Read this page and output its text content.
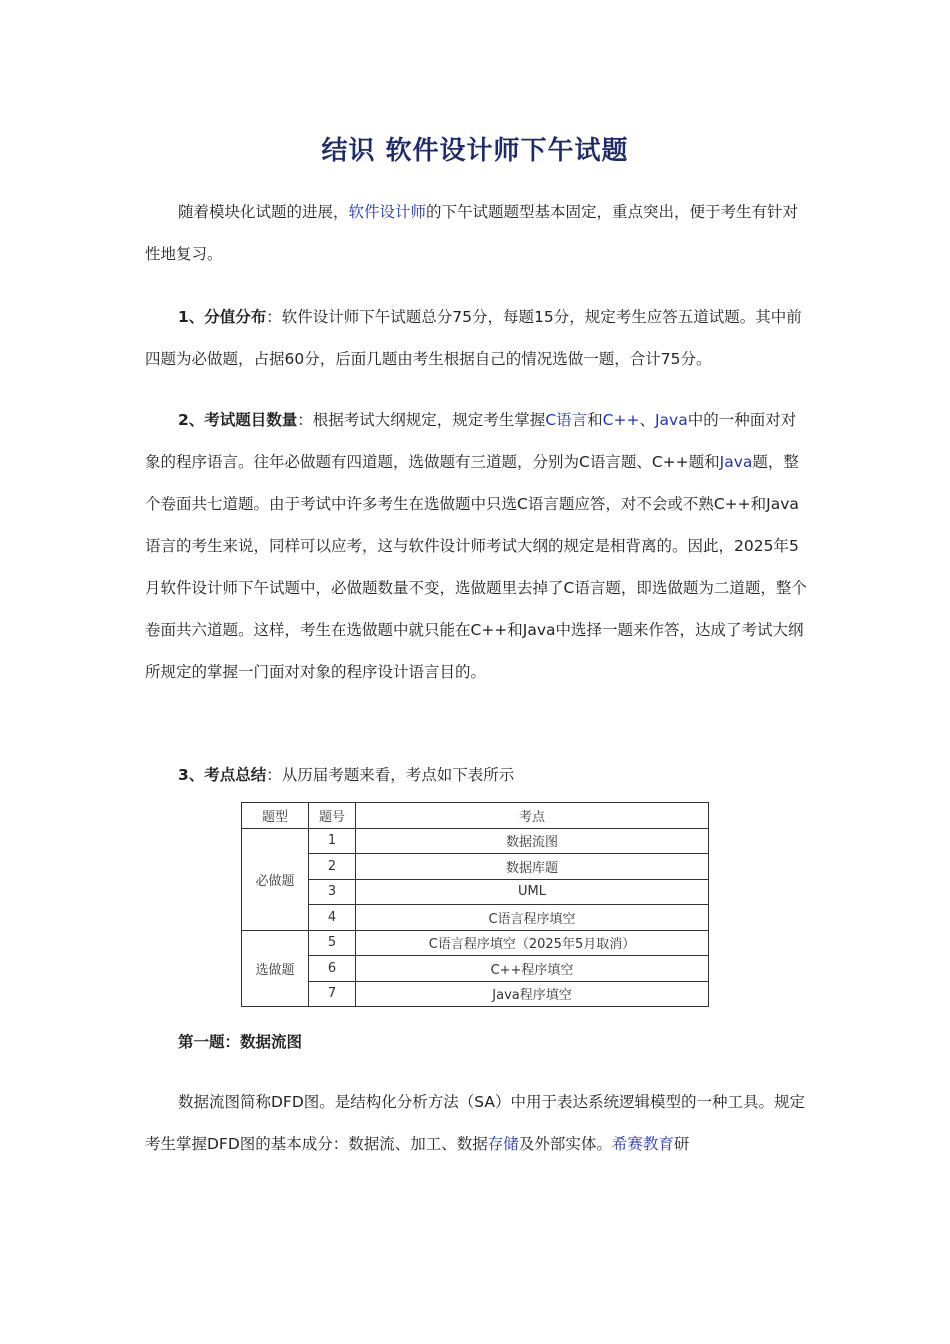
结识 软件设计师下午试题

随着模块化试题的进展，软件设计师的下午试题题型基本固定，重点突出，便于考生有针对性地复习。

1、分值分布：软件设计师下午试题总分75分，每题15分，规定考生应答五道试题。其中前四题为必做题，占据60分，后面几题由考生根据自己的情况选做一题，合计75分。

2、考试题目数量：根据考试大纲规定，规定考生掌握C语言和C++、Java中的一种面对对象的程序语言。往年必做题有四道题，选做题有三道题，分别为C语言题、C++题和Java题，整个卷面共七道题。由于考试中许多考生在选做题中只选C语言题应答，对不会或不熟C++和Java语言的考生来说，同样可以应考，这与软件设计师考试大纲的规定是相背离的。因此，2025年5月软件设计师下午试题中，必做题数量不变，选做题里去掉了C语言题，即选做题为二道题，整个卷面共六道题。这样，考生在选做题中就只能在C++和Java中选择一题来作答，达成了考试大纲所规定的掌握一门面对对象的程序设计语言目的。

3、考点总结：从历届考题来看，考点如下表所示

题型	题号	考点
必做题	1	数据流图
	2	数据库题
	3	UML
	4	C语言程序填空
选做题	5	C语言程序填空（2025年5月取消）
	6	C++程序填空
	7	Java程序填空
第一题：数据流图

数据流图简称DFD图。是结构化分析方法（SA）中用于表达系统逻辑模型的一种工具。规定考生掌握DFD图的基本成分：数据流、加工、数据存储及外部实体。希赛教育研
